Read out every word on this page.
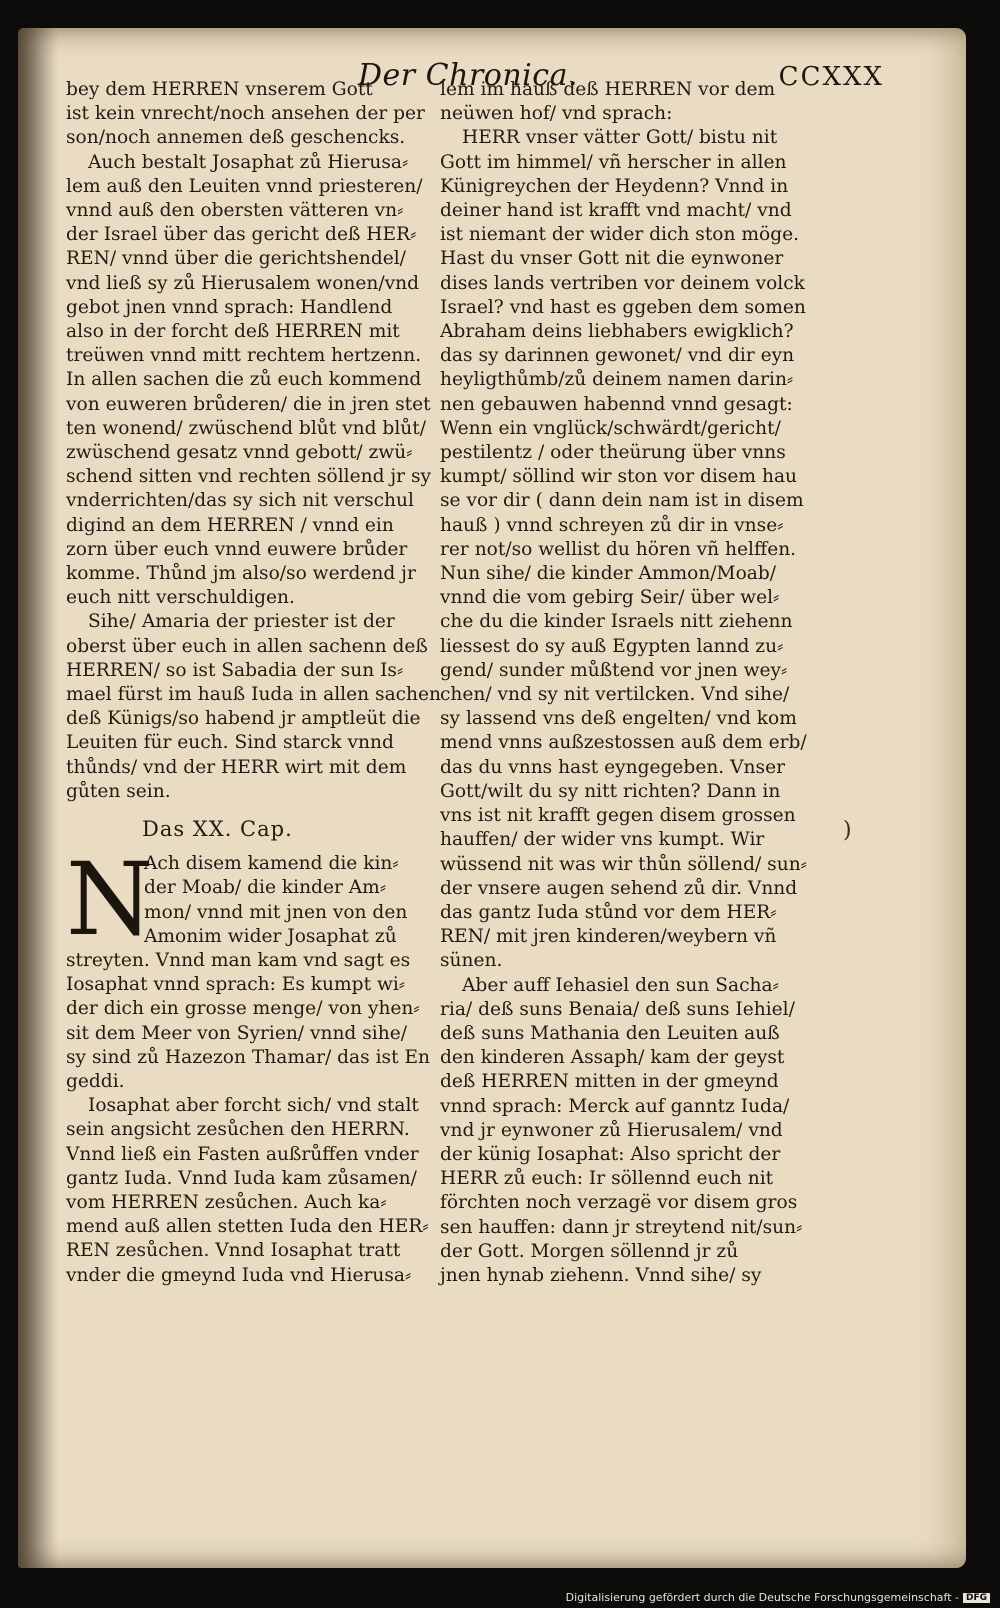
Der Chronica.	CCXXX
bey dem HERREN vnserem Gott
ist kein vnrecht/noch ansehen der per
son/noch annemen deß geschencks.
Auch bestalt Josaphat zů Hierusa⸗
lem auß den Leuiten vnnd priesteren/
vnnd auß den obersten vätteren vn⸗
der Israel über das gericht deß HER⸗
REN/ vnnd über die gerichtshendel/
vnd ließ sy zů Hierusalem wonen/vnd
gebot jnen vnnd sprach: Handlend
also in der forcht deß HERREN mit
treüwen vnnd mitt rechtem hertzenn.
In allen sachen die zů euch kommend
von euweren brůderen/ die in jren stet
ten wonend/ zwüschend blůt vnd blůt/
zwüschend gesatz vnnd gebott/ zwü⸗
schend sitten vnd rechten söllend jr sy
vnderrichten/das sy sich nit verschul
digind an dem HERREN / vnnd ein
zorn über euch vnnd euwere brůder
komme. Thůnd jm also/so werdend jr
euch nitt verschuldigen.
Sihe/ Amaria der priester ist der
oberst über euch in allen sachenn deß
HERREN/ so ist Sabadia der sun Is⸗
mael fürst im hauß Iuda in allen sachen
deß Künigs/so habend jr amptleüt die
Leuiten für euch. Sind starck vnnd
thůnds/ vnd der HERR wirt mit dem
gůten sein.
Das XX. Cap.
N
Ach disem kamend die kin⸗
der Moab/ die kinder Am⸗
mon/ vnnd mit jnen von den
Amonim wider Josaphat zů
streyten. Vnnd man kam vnd sagt es
Iosaphat vnnd sprach: Es kumpt wi⸗
der dich ein grosse menge/ von yhen⸗
sit dem Meer von Syrien/ vnnd sihe/
sy sind zů Hazezon Thamar/ das ist En
geddi.
Iosaphat aber forcht sich/ vnd stalt
sein angsicht zesůchen den HERRN.
Vnnd ließ ein Fasten außrůffen vnder
gantz Iuda. Vnnd Iuda kam zůsamen/
vom HERREN zesůchen. Auch ka⸗
mend auß allen stetten Iuda den HER⸗
REN zesůchen. Vnnd Iosaphat tratt
vnder die gmeynd Iuda vnd Hierusa⸗
lem im hauß deß HERREN vor dem
neüwen hof/ vnd sprach:
HERR vnser vätter Gott/ bistu nit
Gott im himmel/ vñ herscher in allen
Künigreychen der Heydenn? Vnnd in
deiner hand ist krafft vnd macht/ vnd
ist niemant der wider dich ston möge.
Hast du vnser Gott nit die eynwoner
dises lands vertriben vor deinem volck
Israel? vnd hast es ggeben dem somen
Abraham deins liebhabers ewigklich?
das sy darinnen gewonet/ vnd dir eyn
heyligthůmb/zů deinem namen darin⸗
nen gebauwen habennd vnnd gesagt:
Wenn ein vnglück/schwärdt/gericht/
pestilentz / oder theürung über vnns
kumpt/ söllind wir ston vor disem hau
se vor dir ( dann dein nam ist in disem
hauß ) vnnd schreyen zů dir in vnse⸗
rer not/so wellist du hören vñ helffen.
Nun sihe/ die kinder Ammon/Moab/
vnnd die vom gebirg Seir/ über wel⸗
che du die kinder Israels nitt ziehenn
liessest do sy auß Egypten lannd zu⸗
gend/ sunder můßtend vor jnen wey⸗
chen/ vnd sy nit vertilcken. Vnd sihe/
sy lassend vns deß engelten/ vnd kom
mend vnns außzestossen auß dem erb/
das du vnns hast eyngegeben. Vnser
Gott/wilt du sy nitt richten? Dann in
vns ist nit krafft gegen disem grossen
hauffen/ der wider vns kumpt. Wir
wüssend nit was wir thůn söllend/ sun⸗
der vnsere augen sehend zů dir. Vnnd
das gantz Iuda stůnd vor dem HER⸗
REN/ mit jren kinderen/weybern vñ
sünen.
Aber auff Iehasiel den sun Sacha⸗
ria/ deß suns Benaia/ deß suns Iehiel/
deß suns Mathania den Leuiten auß
den kinderen Assaph/ kam der geyst
deß HERREN mitten in der gmeynd
vnnd sprach: Merck auf ganntz Iuda/
vnd jr eynwoner zů Hierusalem/ vnd
der künig Iosaphat: Also spricht der
HERR zů euch: Ir söllennd euch nit
förchten noch verzagë vor disem gros
sen hauffen: dann jr streytend nit/sun⸗
der Gott. Morgen söllennd jr zů
jnen hynab ziehenn. Vnnd sihe/ sy
)
Digitalisierung gefördert durch die Deutsche Forschungsgemeinschaft - DFG
